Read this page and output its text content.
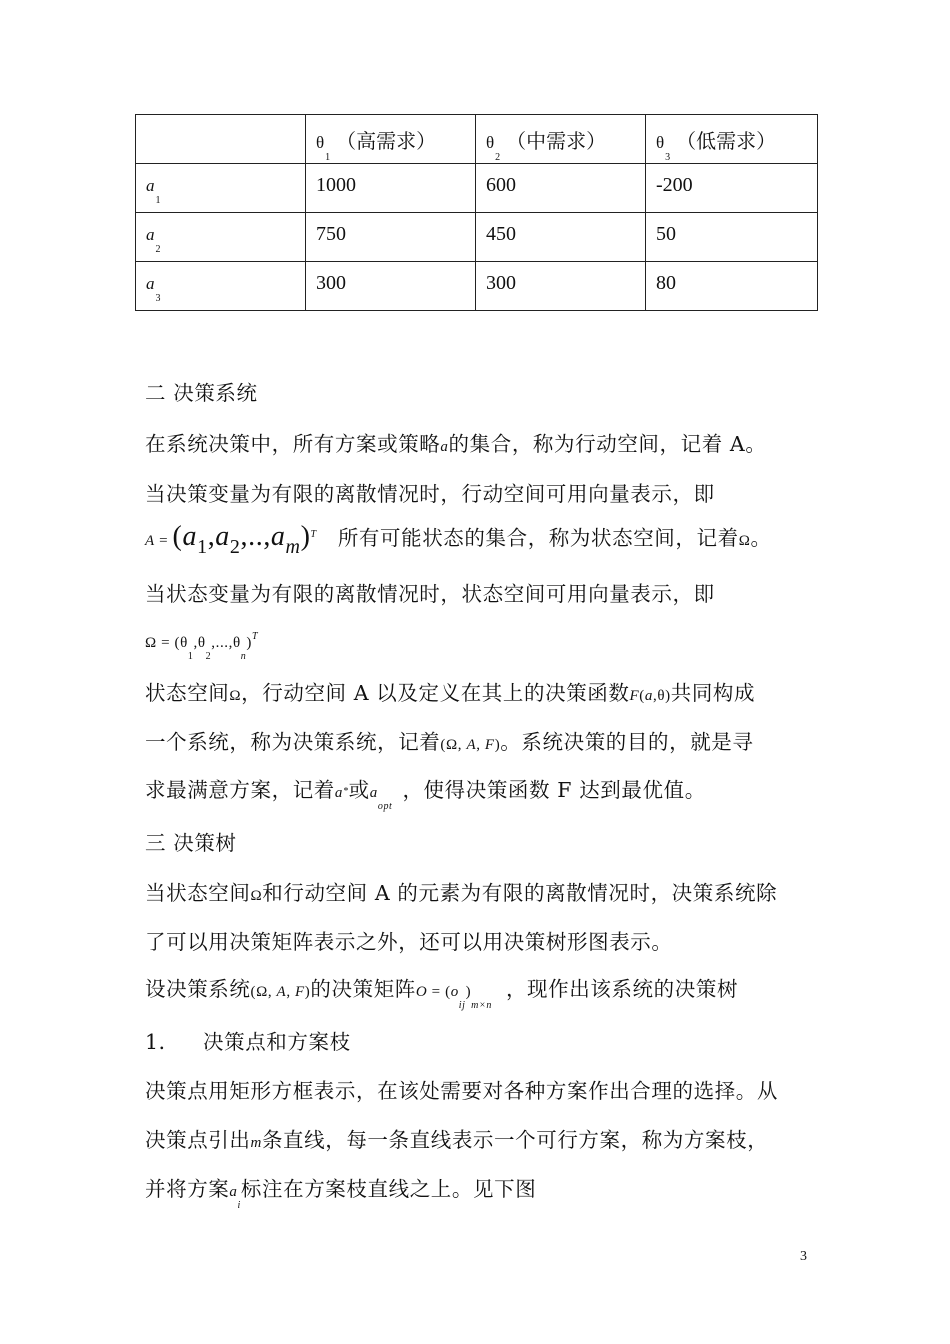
	$\theta_1$（高需求）	$\theta_2$（中需求）	$\theta_3$（低需求）
$a_1$	1000	600	-200
$a_2$	750	450	50
$a_3$	300	300	80
二 决策系统
在系统决策中，所有方案或策略a的集合，称为行动空间，记着 A。
当决策变量为有限的离散情况时，行动空间可用向量表示，即
$A = (a1,a2,..,am)^T$ 所有可能状态的集合，称为状态空间，记着Ω。
当状态变量为有限的离散情况时，状态空间可用向量表示，即
$\Omega = (\theta_1,\theta_2,...,\theta_n)^T$
状态空间Ω，行动空间 A 以及定义在其上的决策函数F(a,θ)共同构成
一个系统，称为决策系统，记着(Ω, A, F)。系统决策的目的，就是寻
求最满意方案，记着a*或$a_{opt}$，使得决策函数 F 达到最优值。
三 决策树
当状态空间Ω和行动空间 A 的元素为有限的离散情况时，决策系统除
了可以用决策矩阵表示之外，还可以用决策树形图表示。
设决策系统(Ω, A, F)的决策矩阵$O = (o_{ij})_{m\times n}$，现作出该系统的决策树
1． 决策点和方案枝
决策点用矩形方框表示，在该处需要对各种方案作出合理的选择。从
决策点引出m条直线，每一条直线表示一个可行方案，称为方案枝，
并将方案$a_i$标注在方案枝直线之上。见下图
3
